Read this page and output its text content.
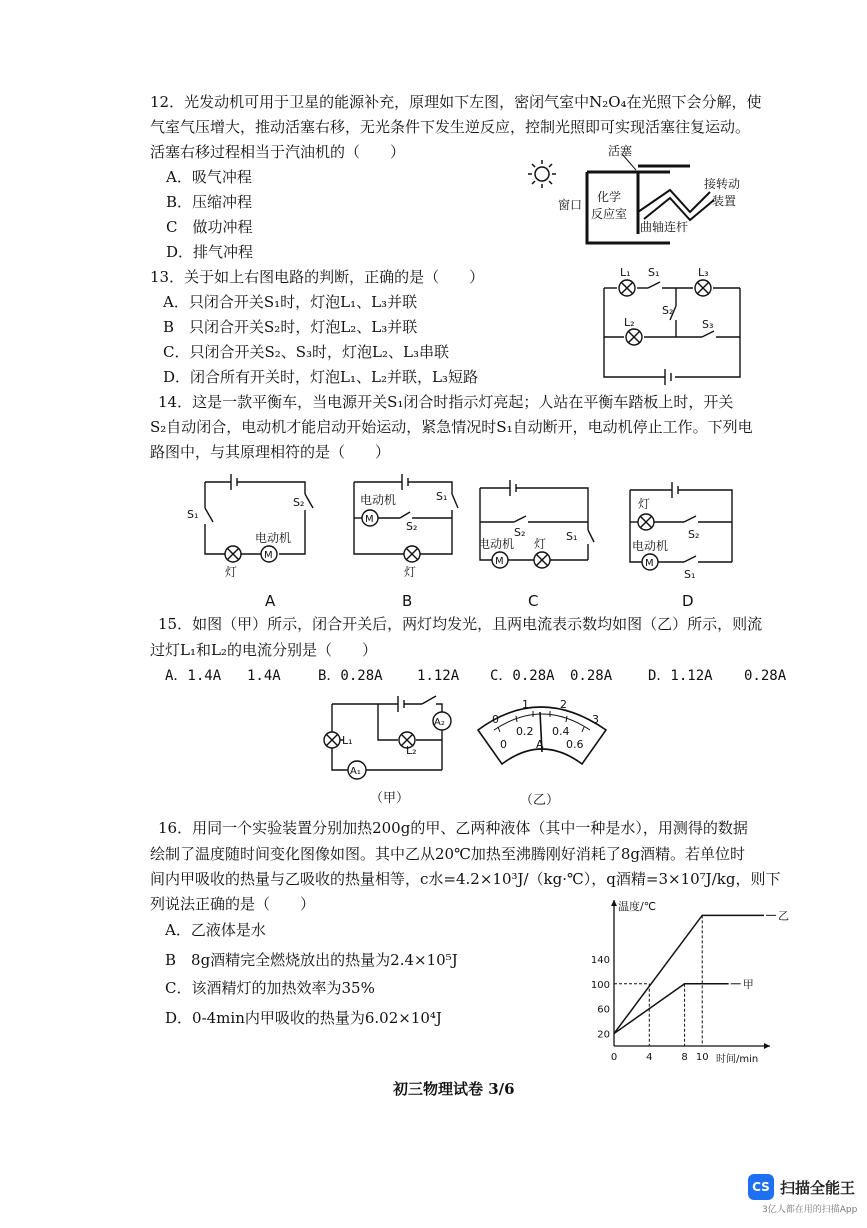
12．光发动机可用于卫星的能源补充，原理如下左图，密闭气室中N₂O₄在光照下会分解，使
气室气压增大，推动活塞右移，无光条件下发生逆反应，控制光照即可实现活塞往复运动。
活塞右移过程相当于汽油机的（　　）
A．吸气冲程
B．压缩冲程
C　做功冲程
D．排气冲程
活塞
窗口
化学
反应室
曲轴连杆
接转动
装置
13．关于如上右图电路的判断，正确的是（　　）
A．只闭合开关S₁时，灯泡L₁、L₃并联
B　只闭合开关S₂时，灯泡L₂、L₃并联
C．只闭合开关S₂、S₃时，灯泡L₂、L₃串联
D．闭合所有开关时，灯泡L₁、L₂并联，L₃短路
L₁	L₃
L₂
S₁
S₂
S₃
14．这是一款平衡车，当电源开关S₁闭合时指示灯亮起；人站在平衡车踏板上时，开关
S₂自动闭合，电动机才能启动开始运动，紧急情况时S₁自动断开，电动机停止工作。下列电
路图中，与其原理相符的是（　　）
M
S₁
S₂
电动机
灯
A
M
电动机	S₁
S₂
灯
B
M
S₂	S₁
电动机 灯
C
M
灯
电动机
S₂
S₁
D
15．如图（甲）所示，闭合开关后，两灯均发光，且两电流表示数均如图（乙）所示，则流
过灯L₁和L₂的电流分别是（　　）
A．1.4A 1.4A	B．0.28A 1.12A C．0.28A 0.28A	D．1.12A 0.28A
A₂
A₁
L₁
L₂
（甲）
0
1	2
3
0
0.2 0.4
0.6
A
（乙）
16．用同一个实验装置分别加热200g的甲、乙两种液体（其中一种是水），用测得的数据
绘制了温度随时间变化图像如图。其中乙从20℃加热至沸腾刚好消耗了8g酒精。若单位时
间内甲吸收的热量与乙吸收的热量相等，c水=4.2×10³J/（kg·℃），q酒精=3×10⁷J/kg，则下
列说法正确的是（　　）
A．乙液体是水
B　8g酒精完全燃烧放出的热量为2.4×10⁵J
C．该酒精灯的加热效率为35%
D．0-4min内甲吸收的热量为6.02×10⁴J
温度/℃
时间/min
20
60
100
140
0	4	8 10
乙
甲
初三物理试卷 3/6
CS 扫描全能王
3亿人都在用的扫描App
